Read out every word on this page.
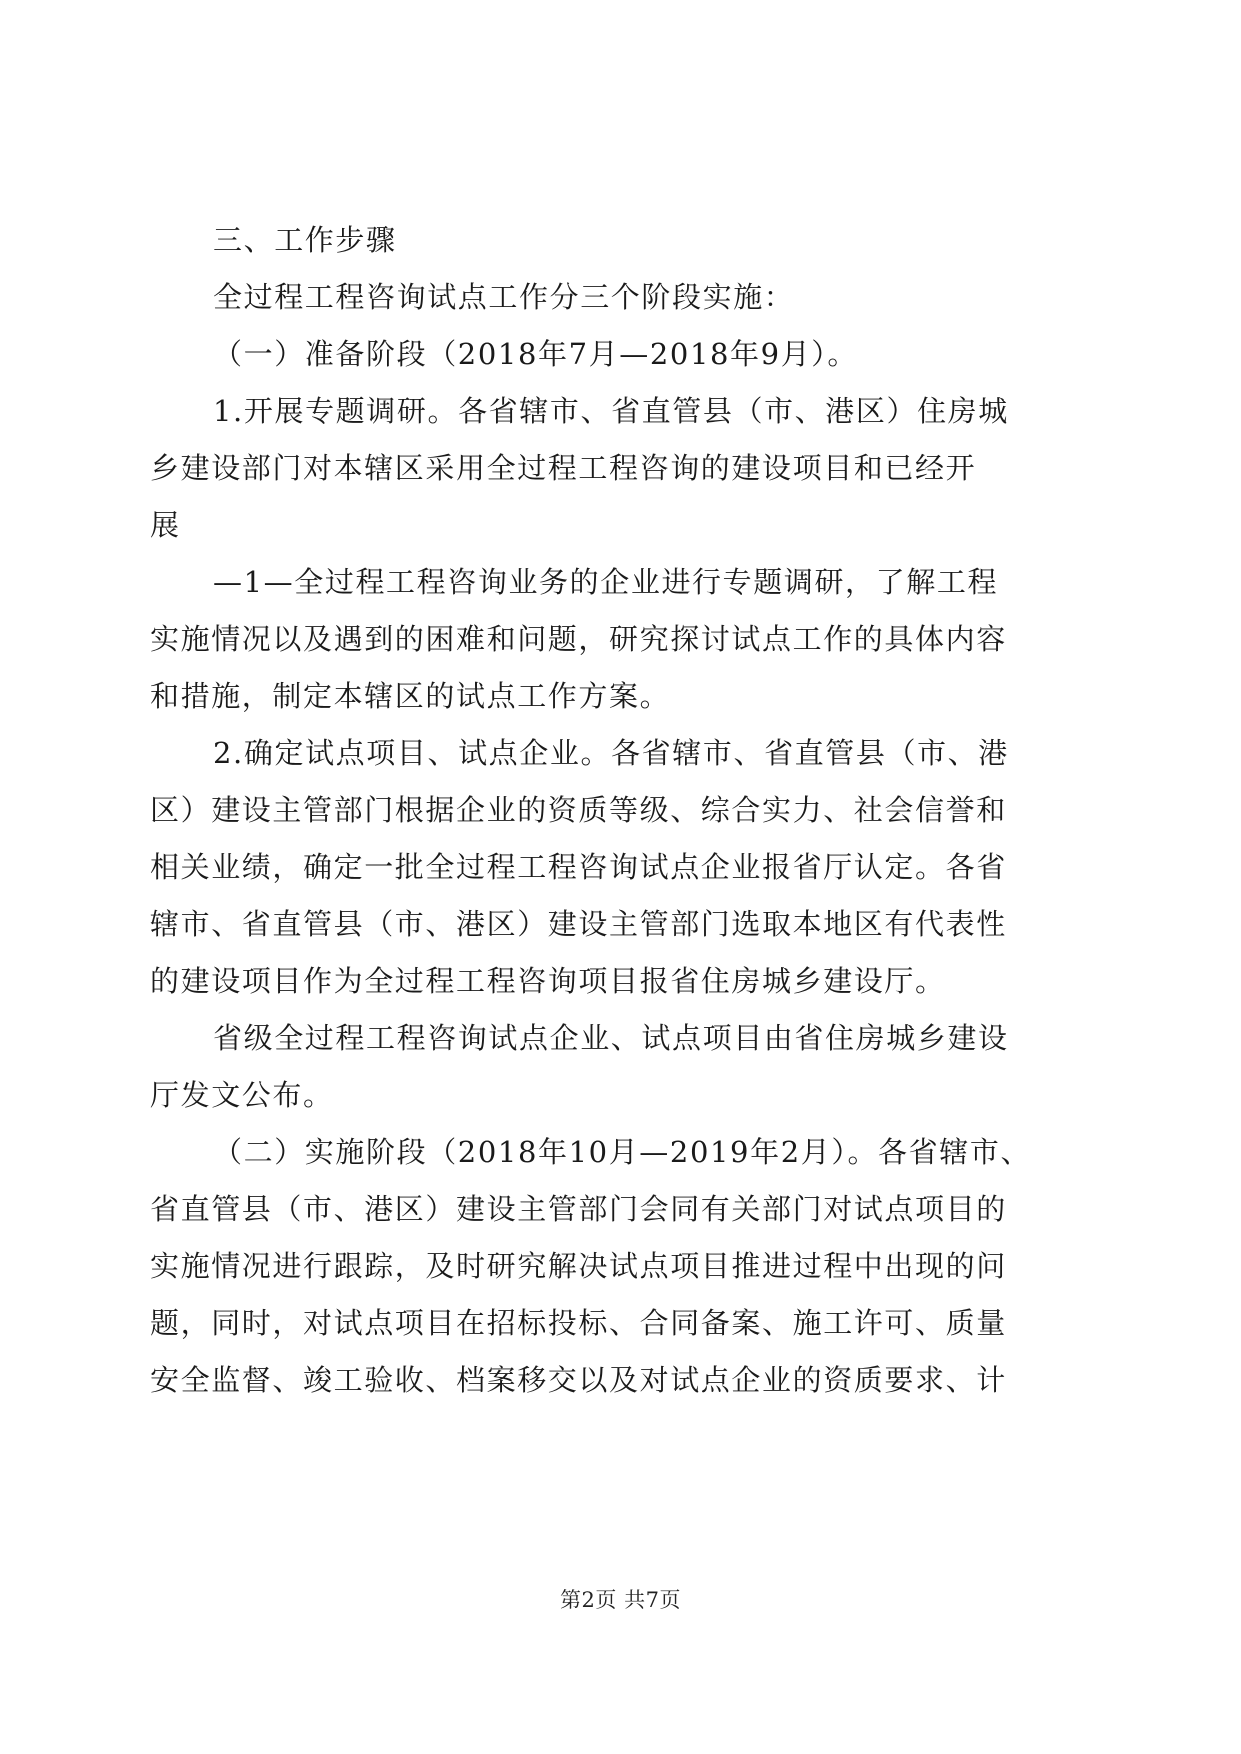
三、工作步骤
全过程工程咨询试点工作分三个阶段实施：
（一）准备阶段（2018年7月—2018年9月）。
1.开展专题调研。各省辖市、省直管县（市、港区）住房城
乡建设部门对本辖区采用全过程工程咨询的建设项目和已经开
展
—1—全过程工程咨询业务的企业进行专题调研，了解工程
实施情况以及遇到的困难和问题，研究探讨试点工作的具体内容
和措施，制定本辖区的试点工作方案。
2.确定试点项目、试点企业。各省辖市、省直管县（市、港
区）建设主管部门根据企业的资质等级、综合实力、社会信誉和
相关业绩，确定一批全过程工程咨询试点企业报省厅认定。各省
辖市、省直管县（市、港区）建设主管部门选取本地区有代表性
的建设项目作为全过程工程咨询项目报省住房城乡建设厅。
省级全过程工程咨询试点企业、试点项目由省住房城乡建设
厅发文公布。
（二）实施阶段（2018年10月—2019年2月）。各省辖市、
省直管县（市、港区）建设主管部门会同有关部门对试点项目的
实施情况进行跟踪，及时研究解决试点项目推进过程中出现的问
题，同时，对试点项目在招标投标、合同备案、施工许可、质量
安全监督、竣工验收、档案移交以及对试点企业的资质要求、计
第2页 共7页
